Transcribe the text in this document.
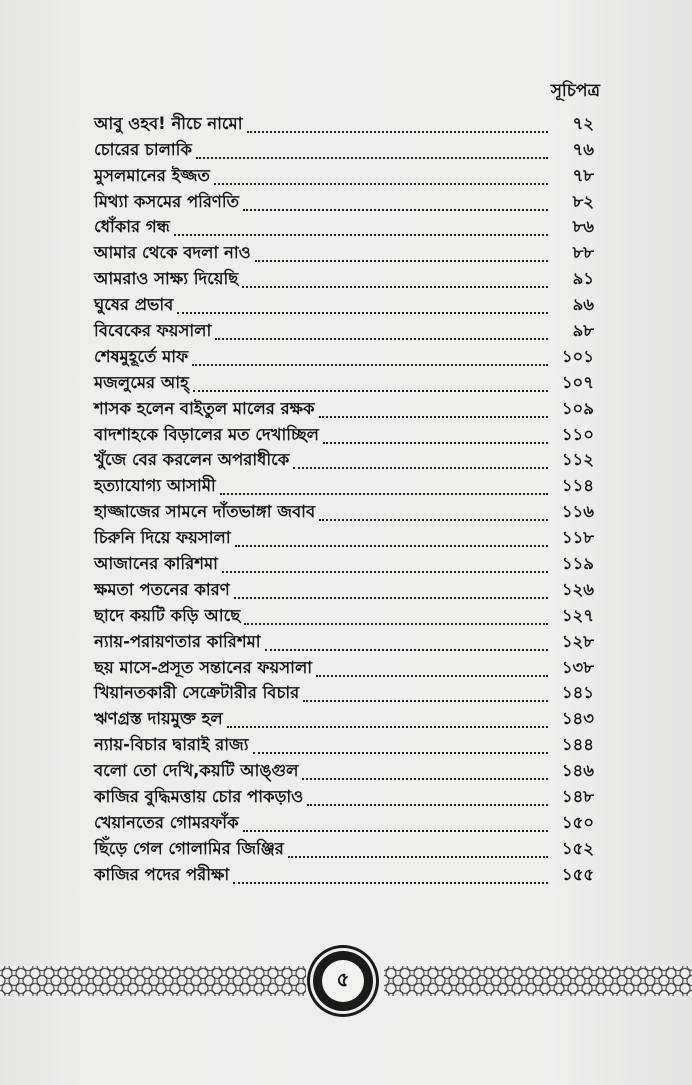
সূচিপত্র
আবু ওহব! নীচে নামো	৭২
চোরের চালাকি	৭৬
মুসলমানের ইজ্জত	৭৮
মিথ্যা কসমের পরিণতি	৮২
ধোঁকার গন্ধ	৮৬
আমার থেকে বদলা নাও	৮৮
আমরাও সাক্ষ্য দিয়েছি	৯১
ঘুষের প্রভাব	৯৬
বিবেকের ফয়সালা	৯৮
শেষমুহূর্তে মাফ	১০১
মজলুমের আহ্	১০৭
শাসক হলেন বাইতুল মালের রক্ষক	১০৯
বাদশাহকে বিড়ালের মত দেখাচ্ছিল	১১০
খুঁজে বের করলেন অপরাধীকে	১১২
হত্যাযোগ্য আসামী	১১৪
হাজ্জাজের সামনে দাঁতভাঙ্গা জবাব	১১৬
চিরুনি দিয়ে ফয়সালা	১১৮
আজানের কারিশমা	১১৯
ক্ষমতা পতনের কারণ	১২৬
ছাদে কয়টি কড়ি আছে	১২৭
ন্যায়-পরায়ণতার কারিশমা	১২৮
ছয় মাসে-প্রসূত সন্তানের ফয়সালা	১৩৮
খিয়ানতকারী সেক্রেটারীর বিচার	১৪১
ঋণগ্রস্ত দায়মুক্ত হল	১৪৩
ন্যায়-বিচার দ্বারাই রাজ্য	১৪৪
বলো তো দেখি,কয়টি আঙ্গুল	১৪৬
কাজির বুদ্ধিমত্তায় চোর পাকড়াও	১৪৮
খেয়ানতের গোমরফাঁক	১৫০
ছিঁড়ে গেল গোলামির জিঞ্জির	১৫২
কাজির পদের পরীক্ষা	১৫৫
৫
